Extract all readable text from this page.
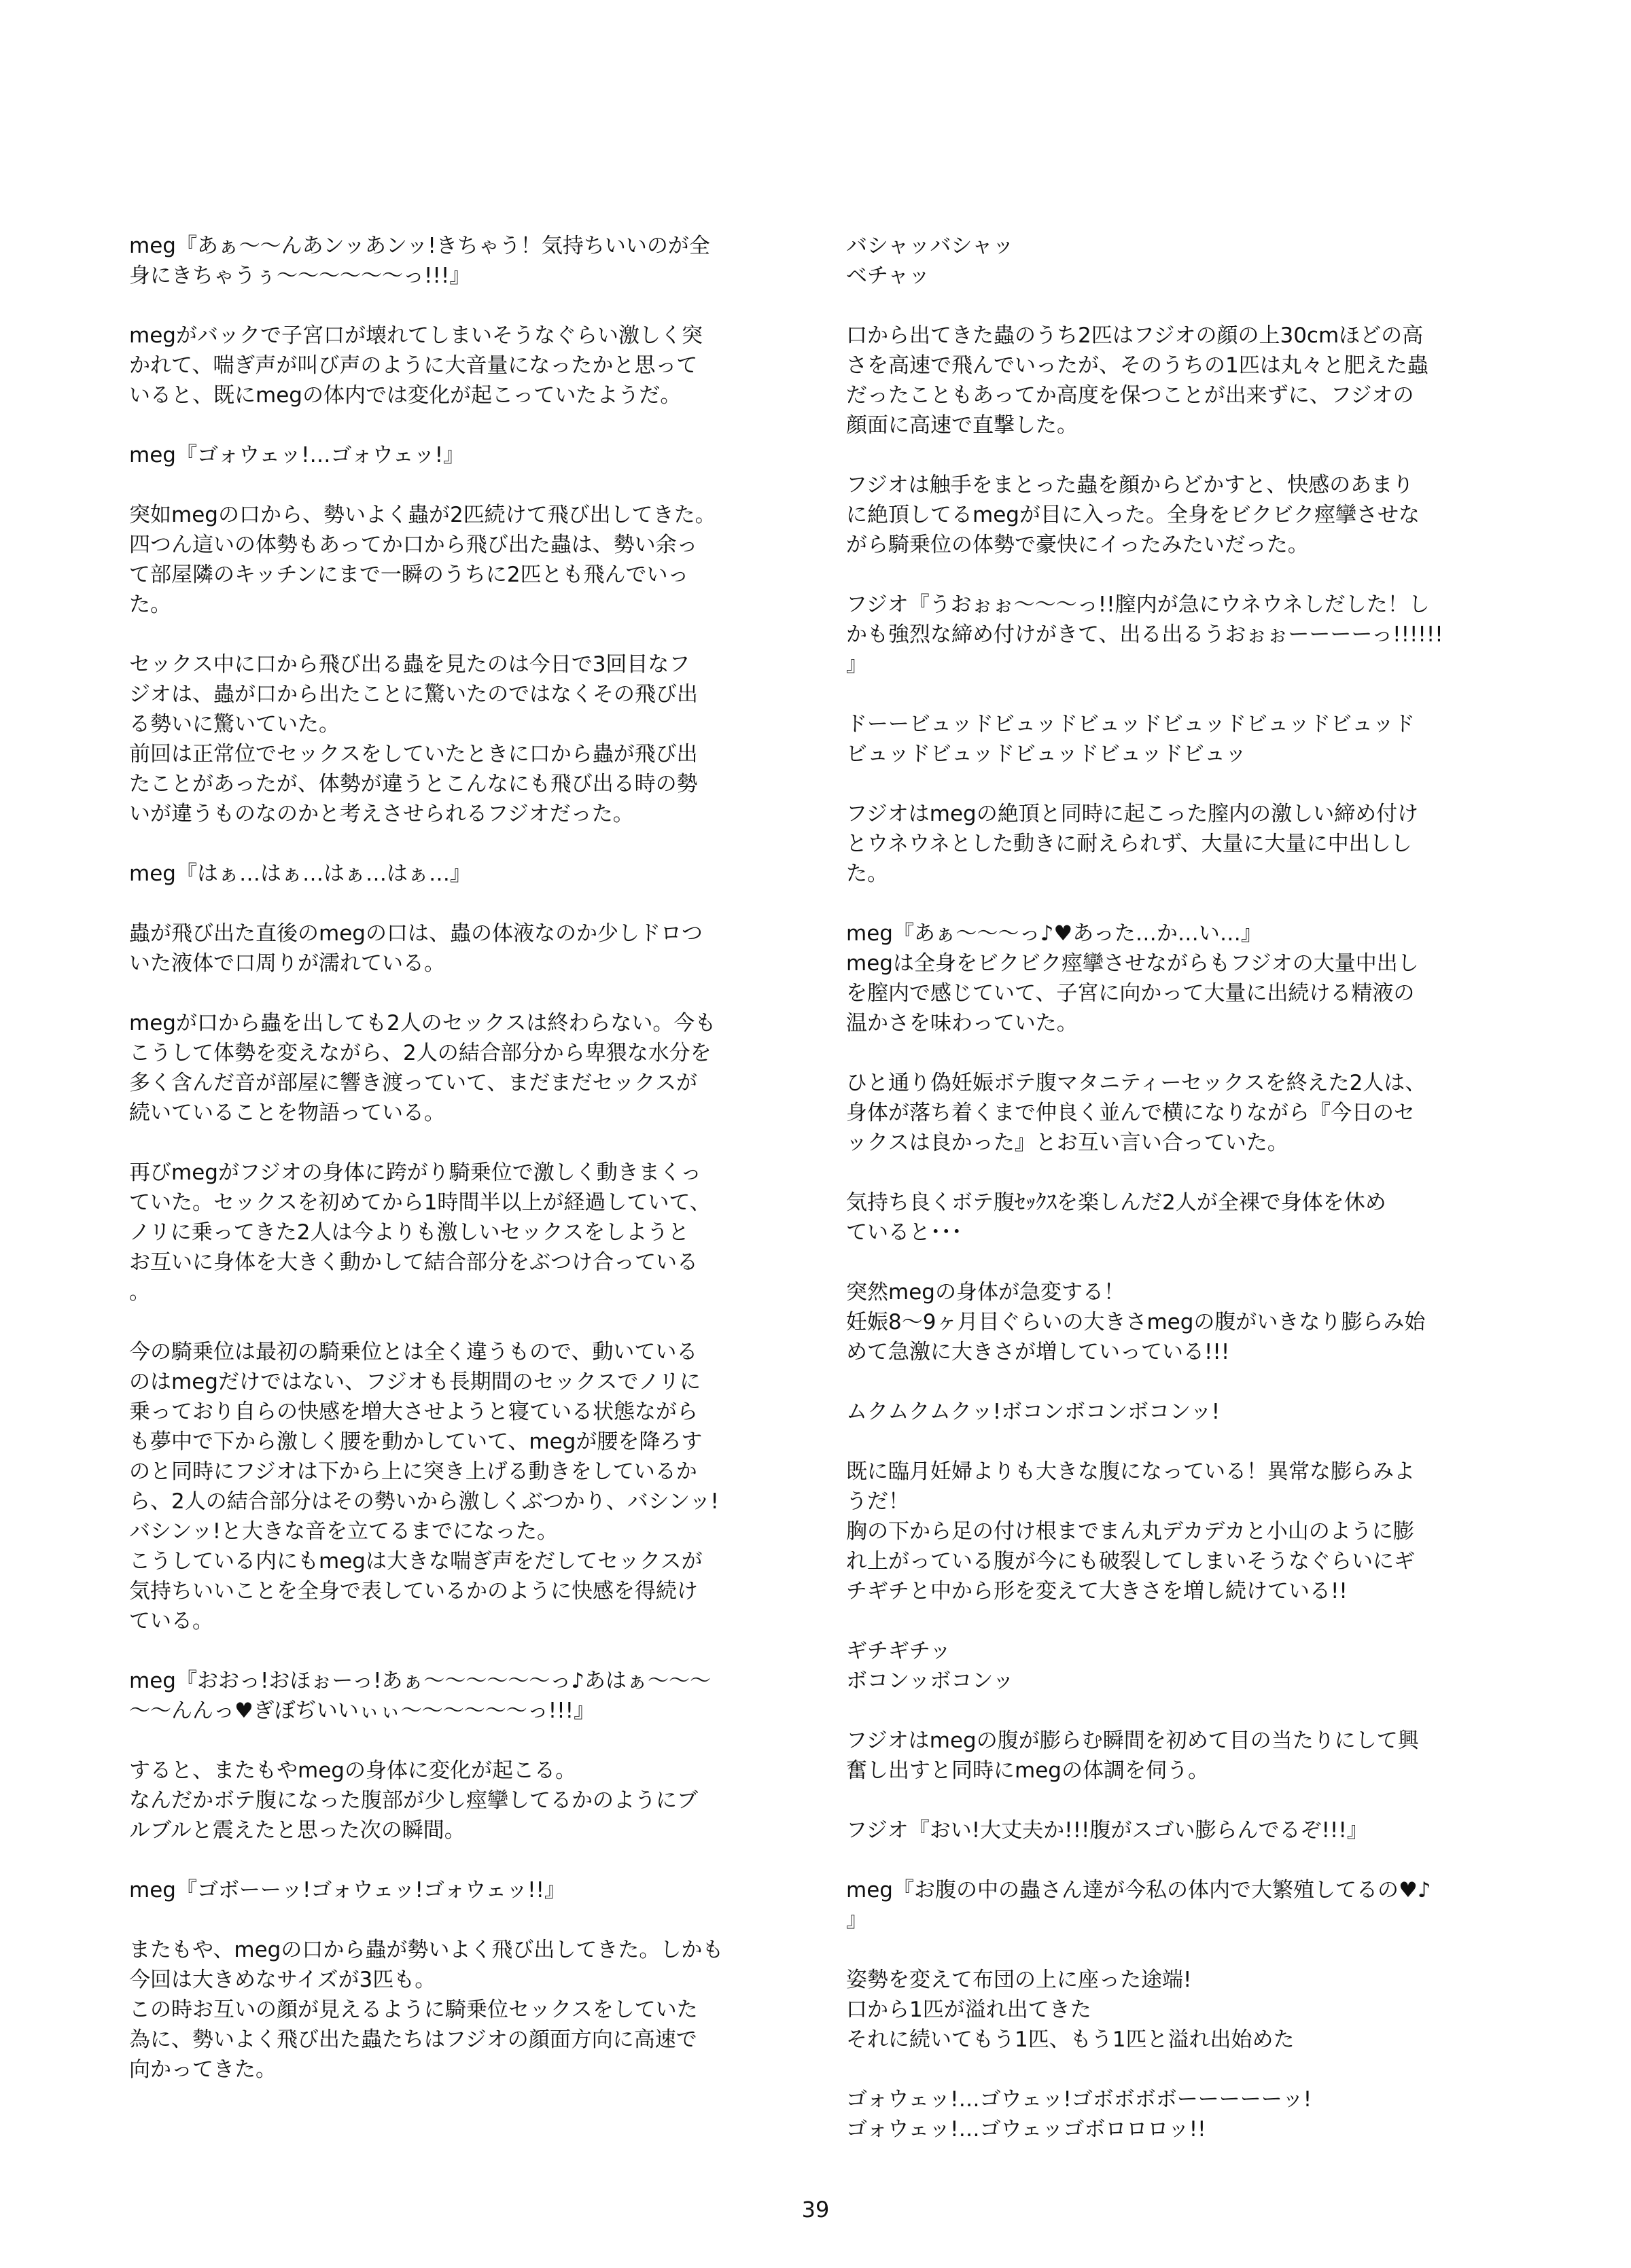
meg『あぁ～～んあンッあンッ!きちゃう！気持ちいいのが全
身にきちゃうぅ～～～～～～っ!!!』

megがバックで子宮口が壊れてしまいそうなぐらい激しく突
かれて、喘ぎ声が叫び声のように大音量になったかと思って
いると、既にmegの体内では変化が起こっていたようだ。

meg『ゴォウェッ!…ゴォウェッ!』

突如megの口から、勢いよく蟲が2匹続けて飛び出してきた。
四つん這いの体勢もあってか口から飛び出た蟲は、勢い余っ
て部屋隣のキッチンにまで一瞬のうちに2匹とも飛んでいっ
た。

セックス中に口から飛び出る蟲を見たのは今日で3回目なフ
ジオは、蟲が口から出たことに驚いたのではなくその飛び出
る勢いに驚いていた。
前回は正常位でセックスをしていたときに口から蟲が飛び出
たことがあったが、体勢が違うとこんなにも飛び出る時の勢
いが違うものなのかと考えさせられるフジオだった。

meg『はぁ…はぁ…はぁ…はぁ…』

蟲が飛び出た直後のmegの口は、蟲の体液なのか少しドロつ
いた液体で口周りが濡れている。

megが口から蟲を出しても2人のセックスは終わらない。今も
こうして体勢を変えながら、2人の結合部分から卑猥な水分を
多く含んだ音が部屋に響き渡っていて、まだまだセックスが
続いていることを物語っている。

再びmegがフジオの身体に跨がり騎乗位で激しく動きまくっ
ていた。セックスを初めてから1時間半以上が経過していて、
ノリに乗ってきた2人は今よりも激しいセックスをしようと
お互いに身体を大きく動かして結合部分をぶつけ合っている
。

今の騎乗位は最初の騎乗位とは全く違うもので、動いている
のはmegだけではない、フジオも長期間のセックスでノリに
乗っており自らの快感を増大させようと寝ている状態ながら
も夢中で下から激しく腰を動かしていて、megが腰を降ろす
のと同時にフジオは下から上に突き上げる動きをしているか
ら、2人の結合部分はその勢いから激しくぶつかり、バシンッ!
バシンッ!と大きな音を立てるまでになった。
こうしている内にもmegは大きな喘ぎ声をだしてセックスが
気持ちいいことを全身で表しているかのように快感を得続け
ている。

meg『おおっ!おほぉーっ!あぁ～～～～～～っ♪あはぁ～～～
～～んんっ♥ぎぼぢいいぃぃ～～～～～～っ!!!』

すると、またもやmegの身体に変化が起こる。
なんだかボテ腹になった腹部が少し痙攣してるかのようにブ
ルブルと震えたと思った次の瞬間。

meg『ゴボーーッ!ゴォウェッ!ゴォウェッ!!』

またもや、megの口から蟲が勢いよく飛び出してきた。しかも
今回は大きめなサイズが3匹も。
この時お互いの顔が見えるように騎乗位セックスをしていた
為に、勢いよく飛び出た蟲たちはフジオの顔面方向に高速で
向かってきた。

バシャッバシャッ
ベチャッ

口から出てきた蟲のうち2匹はフジオの顔の上30cmほどの高
さを高速で飛んでいったが、そのうちの1匹は丸々と肥えた蟲
だったこともあってか高度を保つことが出来ずに、フジオの
顔面に高速で直撃した。

フジオは触手をまとった蟲を顔からどかすと、快感のあまり
に絶頂してるmegが目に入った。全身をビクビク痙攣させな
がら騎乗位の体勢で豪快にイったみたいだった。

フジオ『うおぉぉ～～～っ!!膣内が急にウネウネしだした！し
かも強烈な締め付けがきて、出る出るうおぉぉーーーーっ!!!!!!
』

ドーービュッドビュッドビュッドビュッドビュッドビュッド
ビュッドビュッドビュッドビュッドビュッ

フジオはmegの絶頂と同時に起こった膣内の激しい締め付け
とウネウネとした動きに耐えられず、大量に大量に中出しし
た。

meg『あぁ～～～っ♪♥あった…か…い…』
megは全身をビクビク痙攣させながらもフジオの大量中出し
を膣内で感じていて、子宮に向かって大量に出続ける精液の
温かさを味わっていた。

ひと通り偽妊娠ボテ腹マタニティーセックスを終えた2人は、
身体が落ち着くまで仲良く並んで横になりながら『今日のセ
ックスは良かった』とお互い言い合っていた。

気持ち良くボテ腹ｾｯｸｽを楽しんだ2人が全裸で身体を休め
ていると･･･

突然megの身体が急変する！
妊娠8～9ヶ月目ぐらいの大きさmegの腹がいきなり膨らみ始
めて急激に大きさが増していっている!!!

ムクムクムクッ!ボコンボコンボコンッ!

既に臨月妊婦よりも大きな腹になっている！異常な膨らみよ
うだ！
胸の下から足の付け根までまん丸デカデカと小山のように膨
れ上がっている腹が今にも破裂してしまいそうなぐらいにギ
チギチと中から形を変えて大きさを増し続けている!!

ギチギチッ
ボコンッボコンッ

フジオはmegの腹が膨らむ瞬間を初めて目の当たりにして興
奮し出すと同時にmegの体調を伺う。

フジオ『おい!大丈夫か!!!腹がスゴい膨らんでるぞ!!!』

meg『お腹の中の蟲さん達が今私の体内で大繁殖してるの♥♪
』

姿勢を変えて布団の上に座った途端!
口から1匹が溢れ出てきた
それに続いてもう1匹、もう1匹と溢れ出始めた

ゴォウェッ!…ゴウェッ!ゴボボボボーーーーーッ!
ゴォウェッ!…ゴウェッゴボロロロッ!!

39
